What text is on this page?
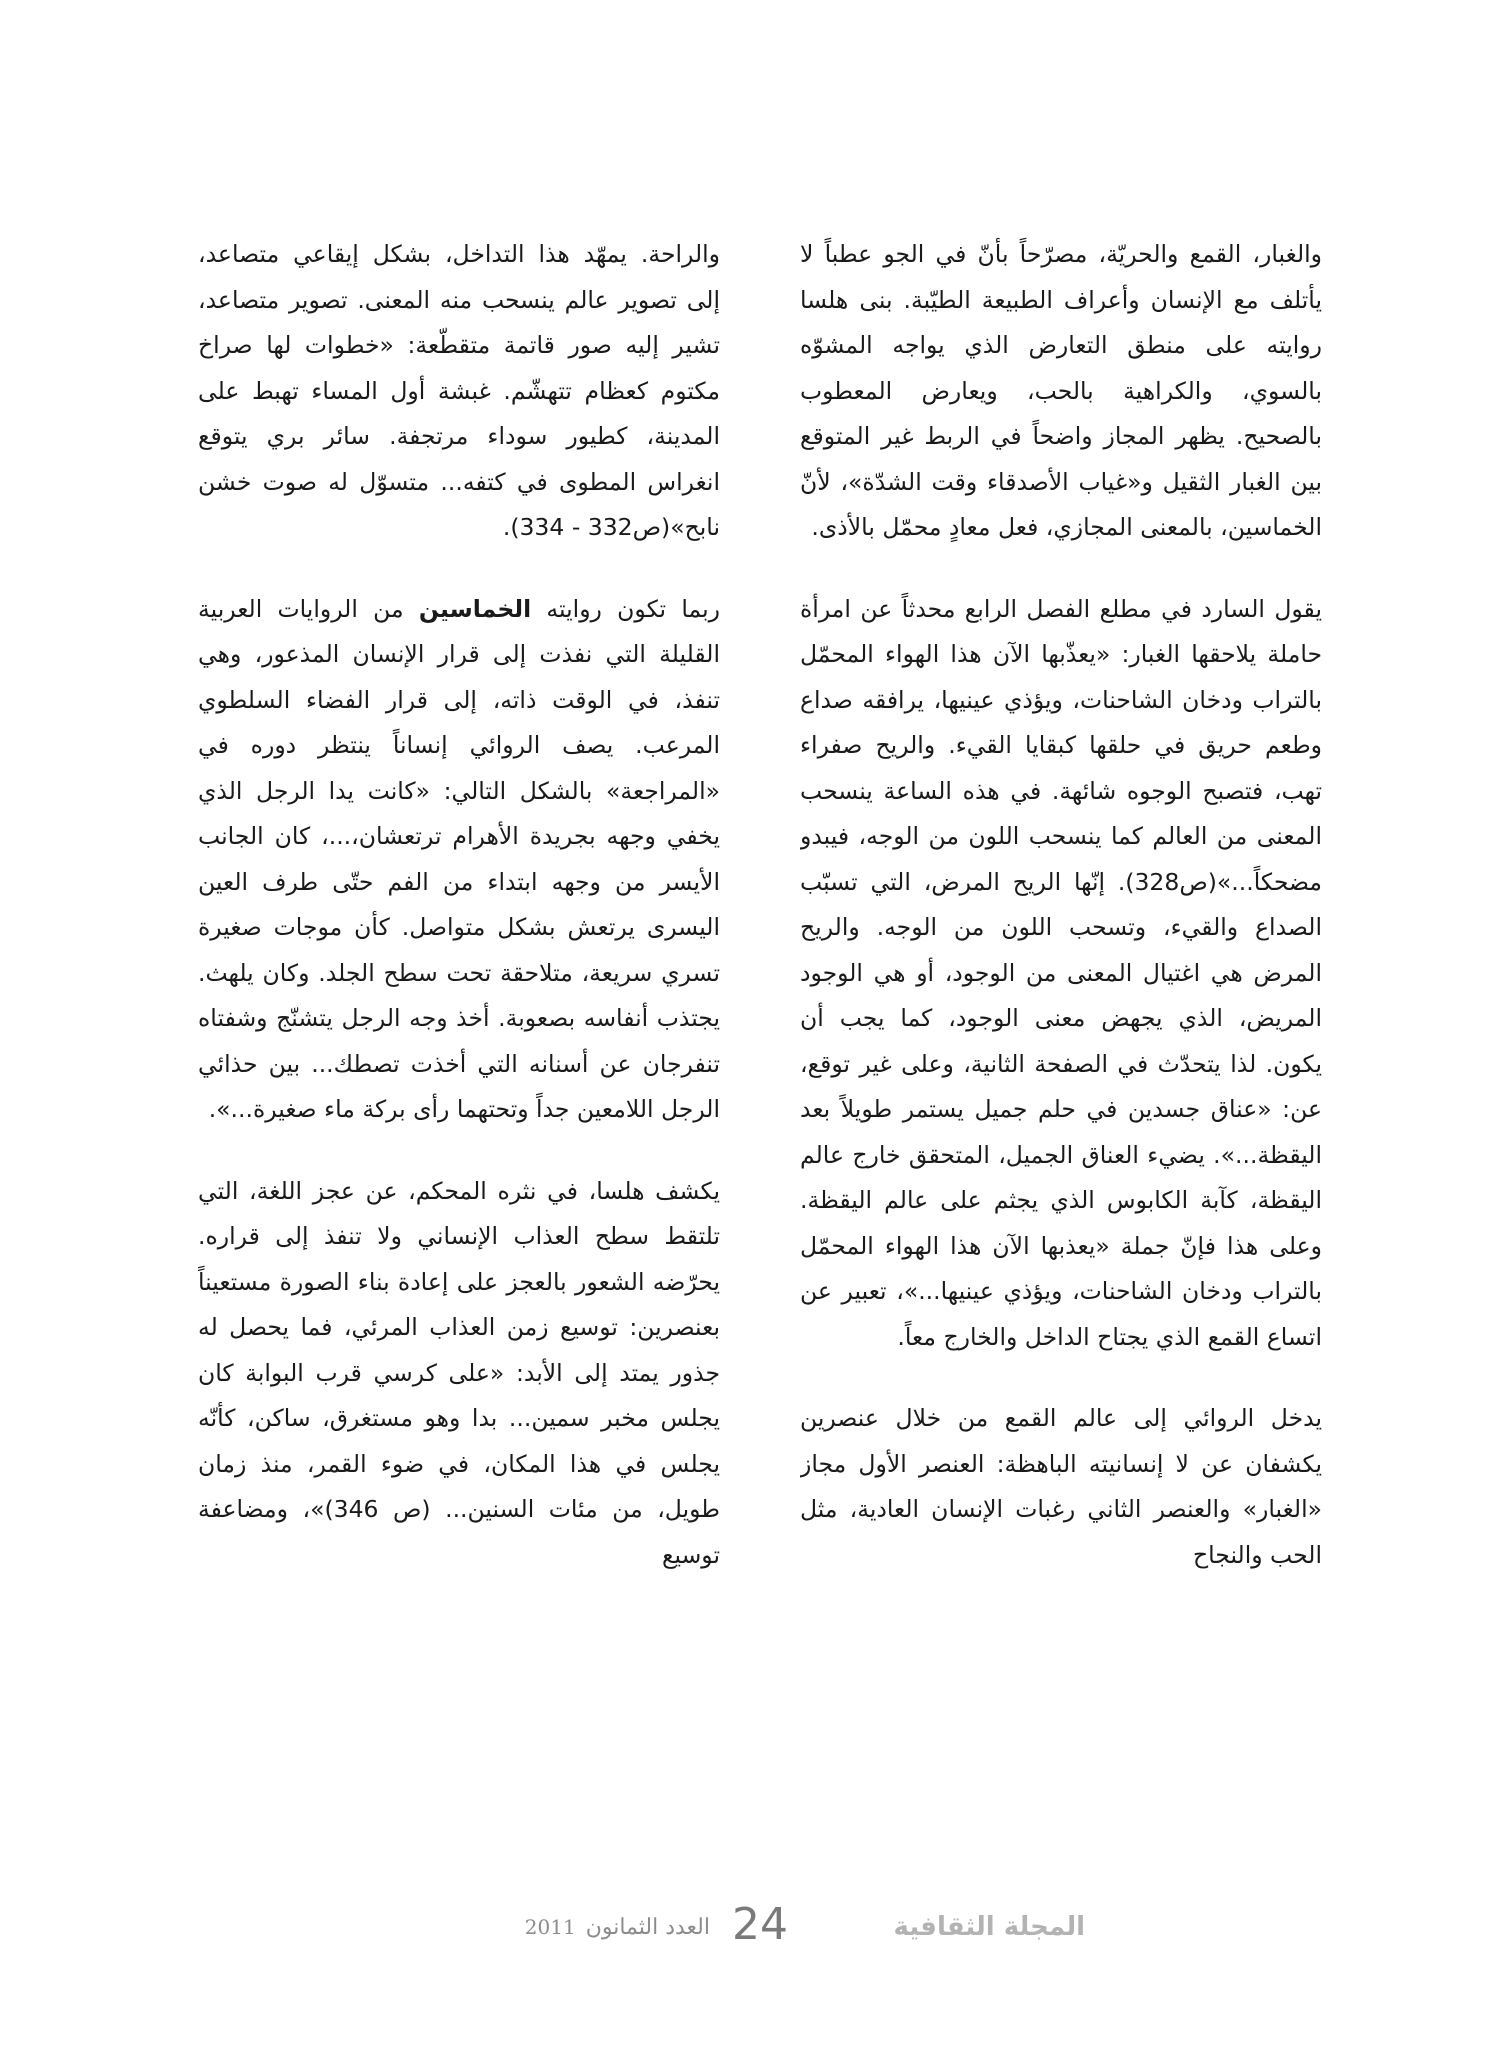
والغبار، القمع والحريّة، مصرّحاً بأنّ في الجو عطباً لا يأتلف مع الإنسان وأعراف الطبيعة الطيّبة. بنى هلسا روايته على منطق التعارض الذي يواجه المشوّه بالسوي، والكراهية بالحب، ويعارض المعطوب بالصحيح. يظهر المجاز واضحاً في الربط غير المتوقع بين الغبار الثقيل و«غياب الأصدقاء وقت الشدّة»، لأنّ الخماسين، بالمعنى المجازي، فعل معادٍ محمّل بالأذى.

يقول السارد في مطلع الفصل الرابع محدثاً عن امرأة حاملة يلاحقها الغبار: «يعذّبها الآن هذا الهواء المحمّل بالتراب ودخان الشاحنات، ويؤذي عينيها، يرافقه صداع وطعم حريق في حلقها كبقايا القيء. والريح صفراء تهب، فتصبح الوجوه شائهة. في هذه الساعة ينسحب المعنى من العالم كما ينسحب اللون من الوجه، فيبدو مضحكاً...»(ص328). إنّها الريح المرض، التي تسبّب الصداع والقيء، وتسحب اللون من الوجه. والريح المرض هي اغتيال المعنى من الوجود، أو هي الوجود المريض، الذي يجهض معنى الوجود، كما يجب أن يكون. لذا يتحدّث في الصفحة الثانية، وعلى غير توقع، عن: «عناق جسدين في حلم جميل يستمر طويلاً بعد اليقظة...». يضيء العناق الجميل، المتحقق خارج عالم اليقظة، كآبة الكابوس الذي يجثم على عالم اليقظة. وعلى هذا فإنّ جملة «يعذبها الآن هذا الهواء المحمّل بالتراب ودخان الشاحنات، ويؤذي عينيها...»، تعبير عن اتساع القمع الذي يجتاح الداخل والخارج معاً.

يدخل الروائي إلى عالم القمع من خلال عنصرين يكشفان عن لا إنسانيته الباهظة: العنصر الأول مجاز «الغبار» والعنصر الثاني رغبات الإنسان العادية، مثل الحب والنجاح

والراحة. يمهّد هذا التداخل، بشكل إيقاعي متصاعد، إلى تصوير عالم ينسحب منه المعنى. تصوير متصاعد، تشير إليه صور قاتمة متقطّعة: «خطوات لها صراخ مكتوم كعظام تتهشّم. غبشة أول المساء تهبط على المدينة، كطيور سوداء مرتجفة. سائر بري يتوقع انغراس المطوى في كتفه... متسوّل له صوت خشن نابح»(ص332 - 334).

ربما تكون روايته الخماسين من الروايات العربية القليلة التي نفذت إلى قرار الإنسان المذعور، وهي تنفذ، في الوقت ذاته، إلى قرار الفضاء السلطوي المرعب. يصف الروائي إنساناً ينتظر دوره في «المراجعة» بالشكل التالي: «كانت يدا الرجل الذي يخفي وجهه بجريدة الأهرام ترتعشان،...، كان الجانب الأيسر من وجهه ابتداء من الفم حتّى طرف العين اليسرى يرتعش بشكل متواصل. كأن موجات صغيرة تسري سريعة، متلاحقة تحت سطح الجلد. وكان يلهث. يجتذب أنفاسه بصعوبة. أخذ وجه الرجل يتشنّج وشفتاه تنفرجان عن أسنانه التي أخذت تصطك... بين حذائي الرجل اللامعين جداً وتحتهما رأى بركة ماء صغيرة...».

يكشف هلسا، في نثره المحكم، عن عجز اللغة، التي تلتقط سطح العذاب الإنساني ولا تنفذ إلى قراره. يحرّضه الشعور بالعجز على إعادة بناء الصورة مستعيناً بعنصرين: توسيع زمن العذاب المرئي، فما يحصل له جذور يمتد إلى الأبد: «على كرسي قرب البوابة كان يجلس مخبر سمين... بدا وهو مستغرق، ساكن، كأنّه يجلس في هذا المكان، في ضوء القمر، منذ زمان طويل، من مئات السنين... (ص 346)»، ومضاعفة توسيع

العدد الثمانون2011	24	المجلة الثقافية
